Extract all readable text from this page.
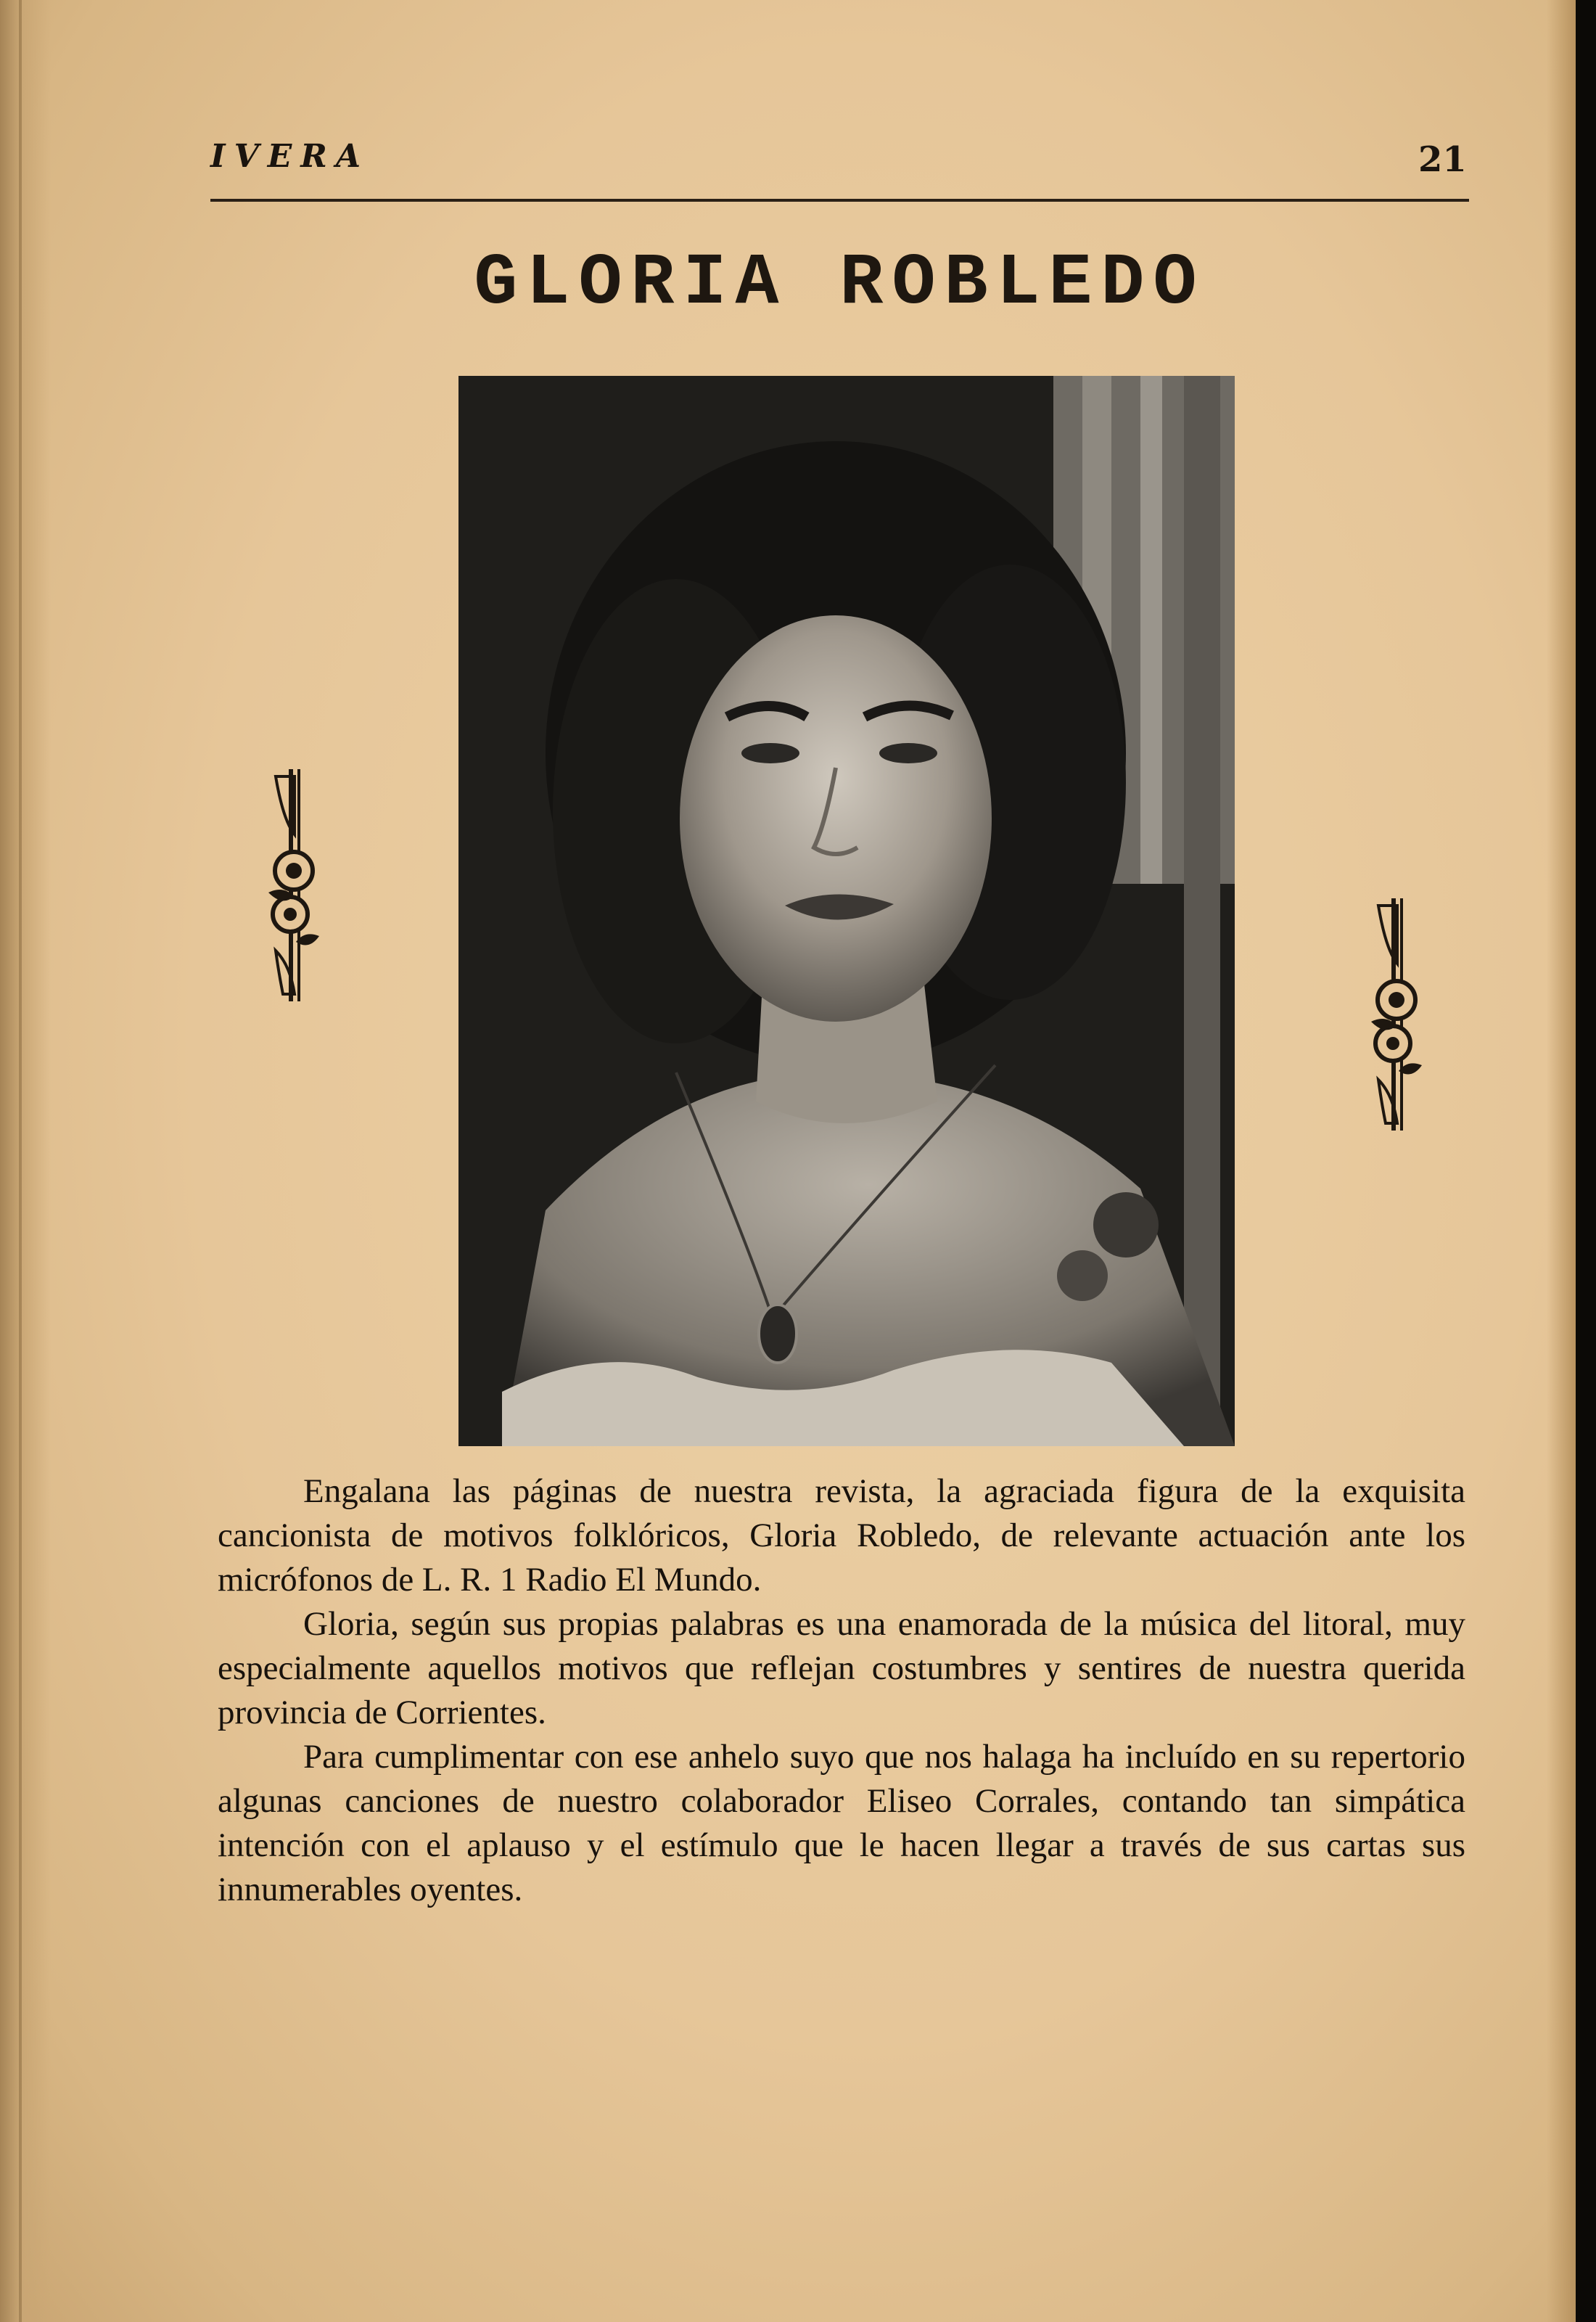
IVERA	21
GLORIA ROBLEDO

Engalana las páginas de nuestra revista, la agraciada figura de la exquisita cancionista de motivos folklóricos, Gloria Robledo, de relevante actuación ante los micrófonos de L. R. 1 Radio El Mundo.

Gloria, según sus propias palabras es una enamorada de la música del litoral, muy especialmente aquellos motivos que reflejan costumbres y sentires de nuestra querida provincia de Corrientes.

Para cumplimentar con ese anhelo suyo que nos halaga ha incluído en su repertorio algunas canciones de nuestro colaborador Eliseo Corrales, contando tan simpática intención con el aplauso y el estímulo que le hacen llegar a través de sus cartas sus innumerables oyentes.
